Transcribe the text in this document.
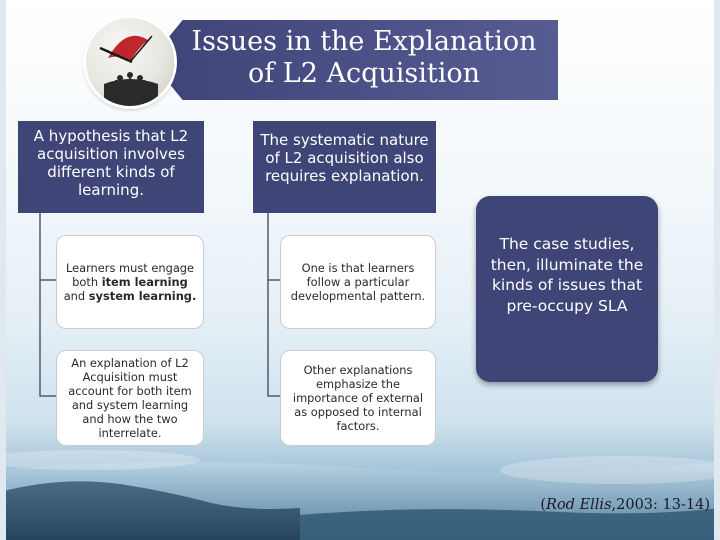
Issues in the Explanation
of L2 Acquisition
A hypothesis that L2 acquisition involves different kinds of learning.
Learners must engage both item learning and system learning.
An explanation of L2 Acquisition must account for both item and system learning and how the two interrelate.
The systematic nature of L2 acquisition also requires explanation.
One is that learners follow a particular developmental pattern.
Other explanations emphasize the importance of external as opposed to internal factors.
The case studies, then, illuminate the kinds of issues that pre-occupy SLA
(Rod Ellis,2003: 13-14)
